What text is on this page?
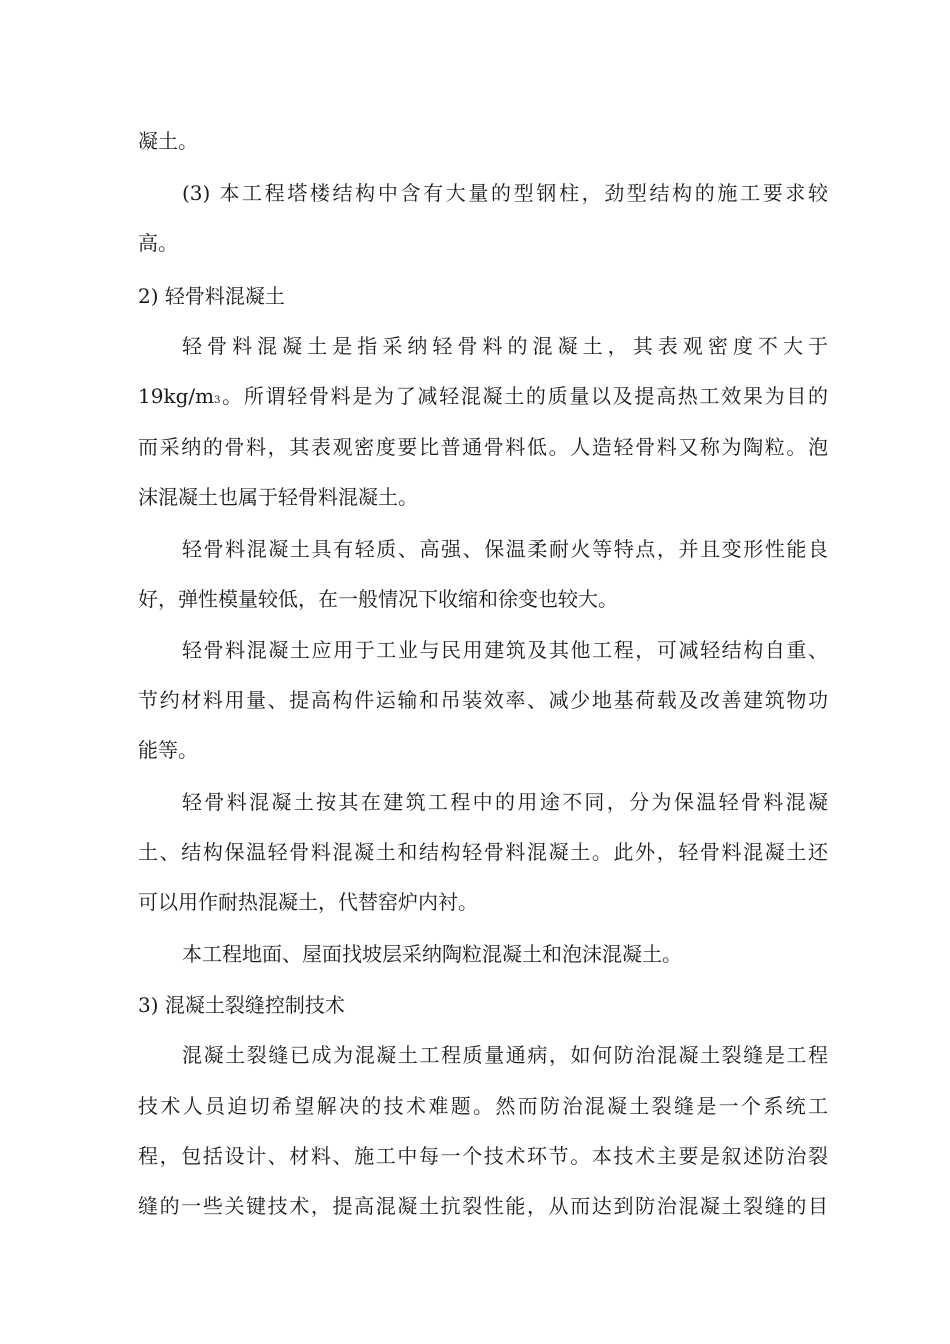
凝土。
(3) 本工程塔楼结构中含有大量的型钢柱，劲型结构的施工要求较
高。
2) 轻骨料混凝土
轻骨料混凝土是指采纳轻骨料的混凝土，其表观密度不大于
19kg/m3。所谓轻骨料是为了减轻混凝土的质量以及提高热工效果为目的
而采纳的骨料，其表观密度要比普通骨料低。人造轻骨料又称为陶粒。泡
沫混凝土也属于轻骨料混凝土。
轻骨料混凝土具有轻质、高强、保温柔耐火等特点，并且变形性能良
好，弹性模量较低，在一般情况下收缩和徐变也较大。
轻骨料混凝土应用于工业与民用建筑及其他工程，可减轻结构自重、
节约材料用量、提高构件运输和吊装效率、减少地基荷载及改善建筑物功
能等。
轻骨料混凝土按其在建筑工程中的用途不同，分为保温轻骨料混凝
土、结构保温轻骨料混凝土和结构轻骨料混凝土。此外，轻骨料混凝土还
可以用作耐热混凝土，代替窑炉内衬。
本工程地面、屋面找坡层采纳陶粒混凝土和泡沫混凝土。
3) 混凝土裂缝控制技术
混凝土裂缝已成为混凝土工程质量通病，如何防治混凝土裂缝是工程
技术人员迫切希望解决的技术难题。然而防治混凝土裂缝是一个系统工
程，包括设计、材料、施工中每一个技术环节。本技术主要是叙述防治裂
缝的一些关键技术，提高混凝土抗裂性能，从而达到防治混凝土裂缝的目
